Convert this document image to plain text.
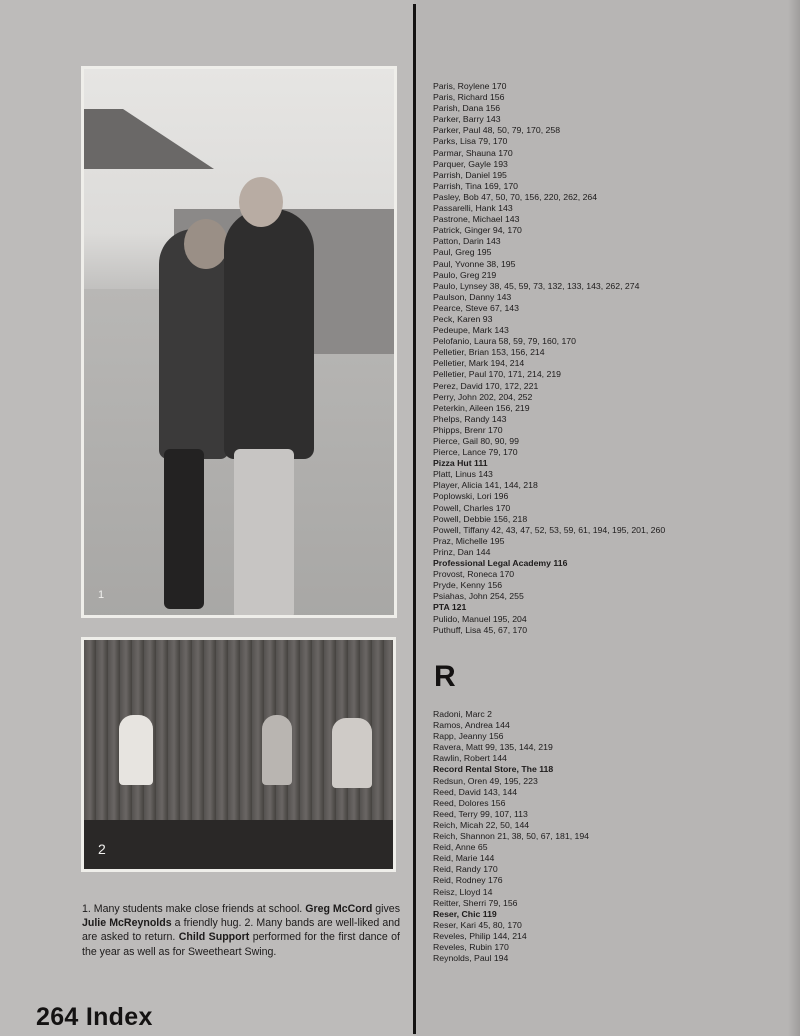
1
2
1. Many students make close friends at school. Greg McCord gives Julie McReynolds a friendly hug. 2. Many bands are well-liked and are asked to return. Child Support performed for the first dance of the year as well as for Sweetheart Swing.
264 Index
Paris, Roylene 170
Paris, Richard 156
Parish, Dana 156
Parker, Barry 143
Parker, Paul 48, 50, 79, 170, 258
Parks, Lisa 79, 170
Parmar, Shauna 170
Parquer, Gayle 193
Parrish, Daniel 195
Parrish, Tina 169, 170
Pasley, Bob 47, 50, 70, 156, 220, 262, 264
Passarelli, Hank 143
Pastrone, Michael 143
Patrick, Ginger 94, 170
Patton, Darin 143
Paul, Greg 195
Paul, Yvonne 38, 195
Paulo, Greg 219
Paulo, Lynsey 38, 45, 59, 73, 132, 133, 143, 262, 274
Paulson, Danny 143
Pearce, Steve 67, 143
Peck, Karen 93
Pedeupe, Mark 143
Pelofanio, Laura 58, 59, 79, 160, 170
Pelletier, Brian 153, 156, 214
Pelletier, Mark 194, 214
Pelletier, Paul 170, 171, 214, 219
Perez, David 170, 172, 221
Perry, John 202, 204, 252
Peterkin, Aileen 156, 219
Phelps, Randy 143
Phipps, Brenr 170
Pierce, Gail 80, 90, 99
Pierce, Lance 79, 170
Pizza Hut 111
Platt, Linus 143
Player, Alicia 141, 144, 218
Poplowski, Lori 196
Powell, Charles 170
Powell, Debbie 156, 218
Powell, Tiffany 42, 43, 47, 52, 53, 59, 61, 194, 195, 201, 260
Praz, Michelle 195
Prinz, Dan 144
Professional Legal Academy 116
Provost, Roneca 170
Pryde, Kenny 156
Psiahas, John 254, 255
PTA 121
Pulido, Manuel 195, 204
Puthuff, Lisa 45, 67, 170
R
Radoni, Marc 2
Ramos, Andrea 144
Rapp, Jeanny 156
Ravera, Matt 99, 135, 144, 219
Rawlin, Robert 144
Record Rental Store, The 118
Redsun, Oren 49, 195, 223
Reed, David 143, 144
Reed, Dolores 156
Reed, Terry 99, 107, 113
Reich, Micah 22, 50, 144
Reich, Shannon 21, 38, 50, 67, 181, 194
Reid, Anne 65
Reid, Marie 144
Reid, Randy 170
Reid, Rodney 176
Reisz, Lloyd 14
Reitter, Sherri 79, 156
Reser, Chic 119
Reser, Kari 45, 80, 170
Reveles, Philip 144, 214
Reveles, Rubin 170
Reynolds, Paul 194
